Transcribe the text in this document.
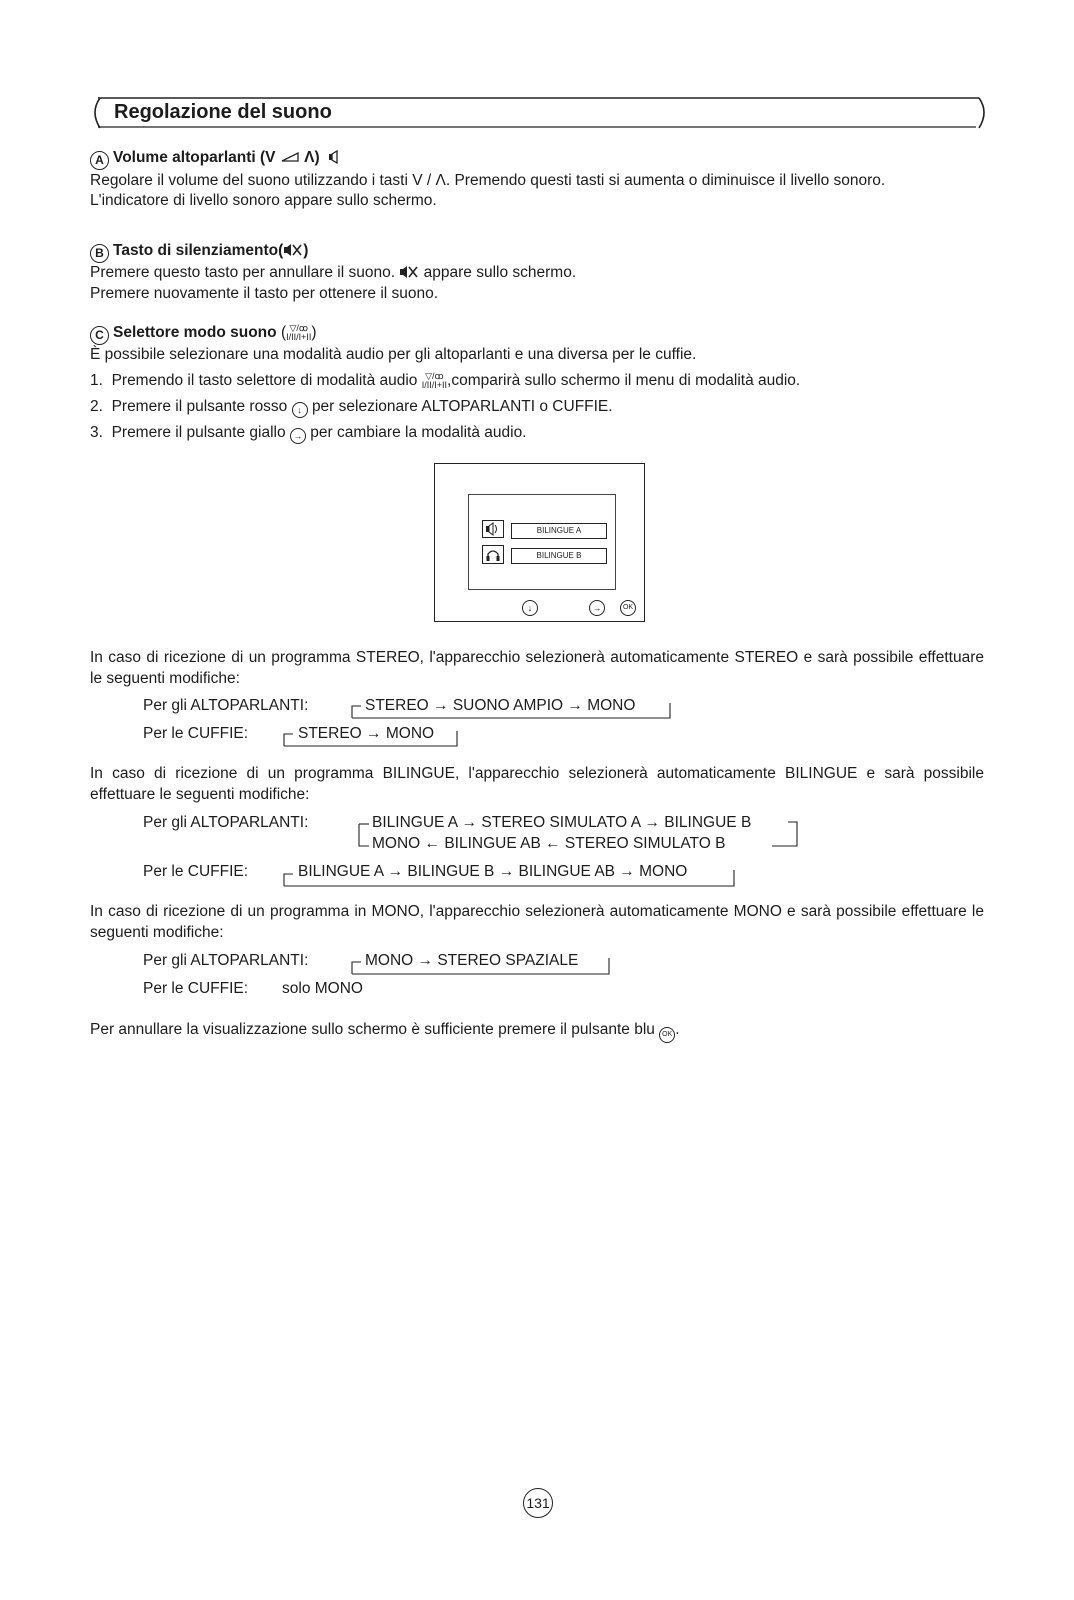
Regolazione del suono
A Volume altoparlanti (V Λ)
Regolare il volume del suono utilizzando i tasti V / Λ. Premendo questi tasti si aumenta o diminuisce il livello sonoro.
L'indicatore di livello sonoro appare sullo schermo.
B Tasto di silenziamento( )
Premere questo tasto per annullare il suono. appare sullo schermo.
Premere nuovamente il tasto per ottenere il suono.
C Selettore modo suono ( ▽/ꝏ
I/II/I+II)
È possibile selezionare una modalità audio per gli altoparlanti e una diversa per le cuffie.
1. Premendo il tasto selettore di modalità audio ▽/ꝏ
I/II/I+II,comparirà sullo schermo il menu di modalità audio.
2. Premere il pulsante rosso ↓ per selezionare ALTOPARLANTI o CUFFIE.
3. Premere il pulsante giallo → per cambiare la modalità audio.
BILINGUE A
BILINGUE B
↓	→	OK
In caso di ricezione di un programma STEREO, l'apparecchio selezionerà automaticamente STEREO e sarà possibile effettuare le seguenti modifiche:
Per gli ALTOPARLANTI:	STEREO → SUONO AMPIO → MONO
Per le CUFFIE:	STEREO → MONO
In caso di ricezione di un programma BILINGUE, l'apparecchio selezionerà automaticamente BILINGUE e sarà possibile effettuare le seguenti modifiche:
Per gli ALTOPARLANTI:	BILINGUE A → STEREO SIMULATO A → BILINGUE B
MONO ← BILINGUE AB ← STEREO SIMULATO B
Per le CUFFIE:	BILINGUE A → BILINGUE B → BILINGUE AB → MONO
In caso di ricezione di un programma in MONO, l'apparecchio selezionerà automaticamente MONO e sarà possibile effettuare le seguenti modifiche:
Per gli ALTOPARLANTI:	MONO → STEREO SPAZIALE
Per le CUFFIE: solo MONO
Per annullare la visualizzazione sullo schermo è sufficiente premere il pulsante blu OK .
131
